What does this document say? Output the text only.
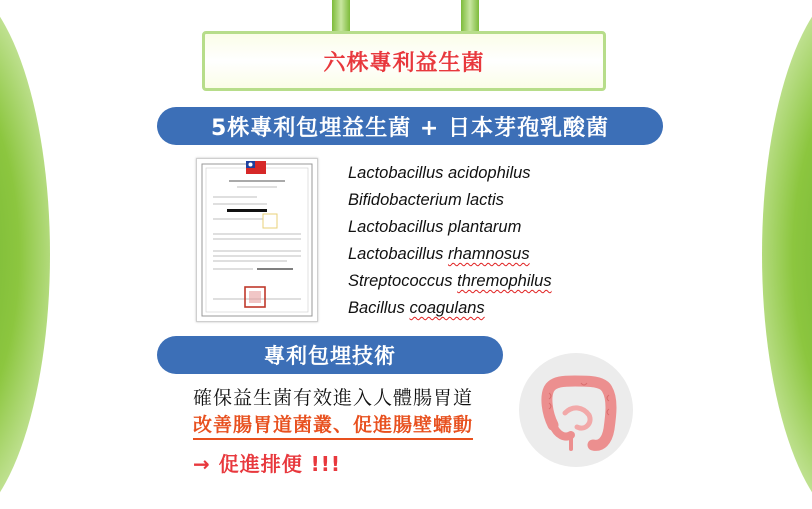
六株專利益生菌
5株專利包埋益生菌 + 日本芽孢乳酸菌
Lactobacillus acidophilus
Bifidobacterium lactis
Lactobacillus plantarum
Lactobacillus rhamnosus
Streptococcus thremophilus
Bacillus coagulans
專利包埋技術
確保益生菌有效進入人體腸胃道
改善腸胃道菌叢、促進腸壁蠕動
→ 促進排便 !!!
